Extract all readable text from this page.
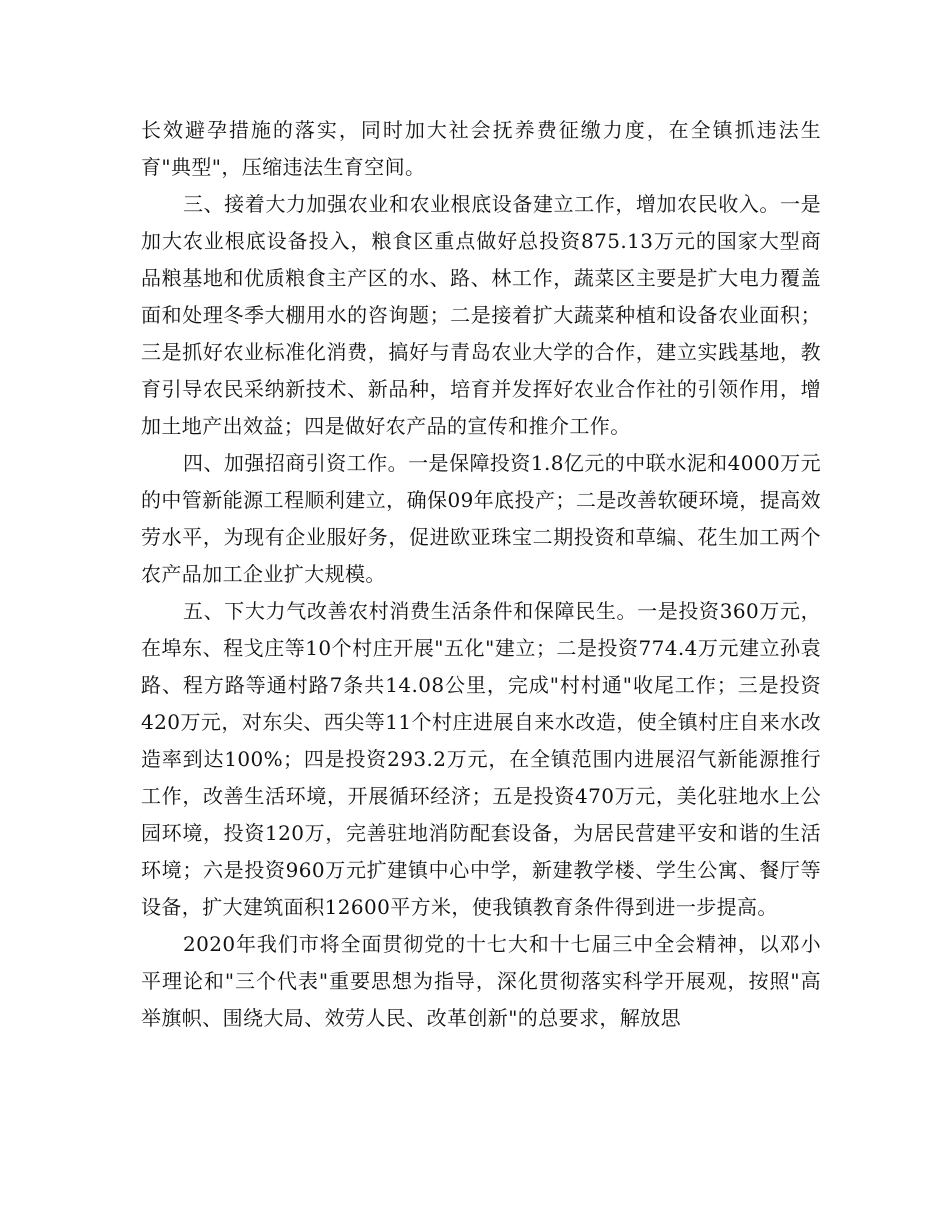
长效避孕措施的落实，同时加大社会抚养费征缴力度，在全镇抓违法生育"典型"，压缩违法生育空间。

三、接着大力加强农业和农业根底设备建立工作，增加农民收入。一是加大农业根底设备投入，粮食区重点做好总投资875.13万元的国家大型商品粮基地和优质粮食主产区的水、路、林工作，蔬菜区主要是扩大电力覆盖面和处理冬季大棚用水的咨询题；二是接着扩大蔬菜种植和设备农业面积；三是抓好农业标准化消费，搞好与青岛农业大学的合作，建立实践基地，教育引导农民采纳新技术、新品种，培育并发挥好农业合作社的引领作用，增加土地产出效益；四是做好农产品的宣传和推介工作。

四、加强招商引资工作。一是保障投资1.8亿元的中联水泥和4000万元的中管新能源工程顺利建立，确保09年底投产；二是改善软硬环境，提高效劳水平，为现有企业服好务，促进欧亚珠宝二期投资和草编、花生加工两个农产品加工企业扩大规模。

五、下大力气改善农村消费生活条件和保障民生。一是投资360万元，在埠东、程戈庄等10个村庄开展"五化"建立；二是投资774.4万元建立孙袁路、程方路等通村路7条共14.08公里，完成"村村通"收尾工作；三是投资420万元，对东尖、西尖等11个村庄进展自来水改造，使全镇村庄自来水改造率到达100%；四是投资293.2万元，在全镇范围内进展沼气新能源推行工作，改善生活环境，开展循环经济；五是投资470万元，美化驻地水上公园环境，投资120万，完善驻地消防配套设备，为居民营建平安和谐的生活环境；六是投资960万元扩建镇中心中学，新建教学楼、学生公寓、餐厅等设备，扩大建筑面积12600平方米，使我镇教育条件得到进一步提高。

2020年我们市将全面贯彻党的十七大和十七届三中全会精神，以邓小平理论和"三个代表"重要思想为指导，深化贯彻落实科学开展观，按照"高举旗帜、围绕大局、效劳人民、改革创新"的总要求，解放思
